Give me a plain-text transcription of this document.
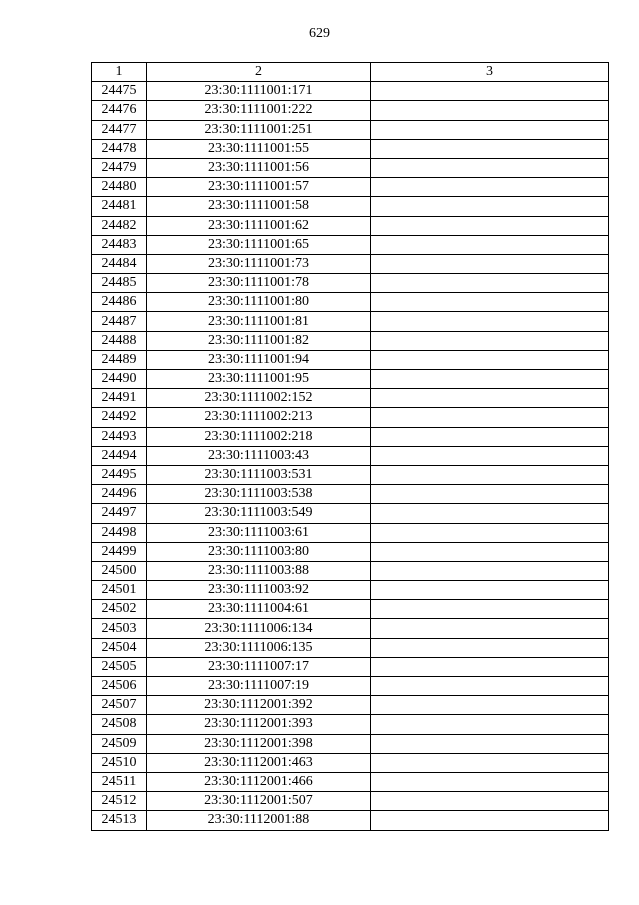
629
1	2	3
24475	23:30:1111001:171	
24476	23:30:1111001:222	
24477	23:30:1111001:251	
24478	23:30:1111001:55	
24479	23:30:1111001:56	
24480	23:30:1111001:57	
24481	23:30:1111001:58	
24482	23:30:1111001:62	
24483	23:30:1111001:65	
24484	23:30:1111001:73	
24485	23:30:1111001:78	
24486	23:30:1111001:80	
24487	23:30:1111001:81	
24488	23:30:1111001:82	
24489	23:30:1111001:94	
24490	23:30:1111001:95	
24491	23:30:1111002:152	
24492	23:30:1111002:213	
24493	23:30:1111002:218	
24494	23:30:1111003:43	
24495	23:30:1111003:531	
24496	23:30:1111003:538	
24497	23:30:1111003:549	
24498	23:30:1111003:61	
24499	23:30:1111003:80	
24500	23:30:1111003:88	
24501	23:30:1111003:92	
24502	23:30:1111004:61	
24503	23:30:1111006:134	
24504	23:30:1111006:135	
24505	23:30:1111007:17	
24506	23:30:1111007:19	
24507	23:30:1112001:392	
24508	23:30:1112001:393	
24509	23:30:1112001:398	
24510	23:30:1112001:463	
24511	23:30:1112001:466	
24512	23:30:1112001:507	
24513	23:30:1112001:88	
